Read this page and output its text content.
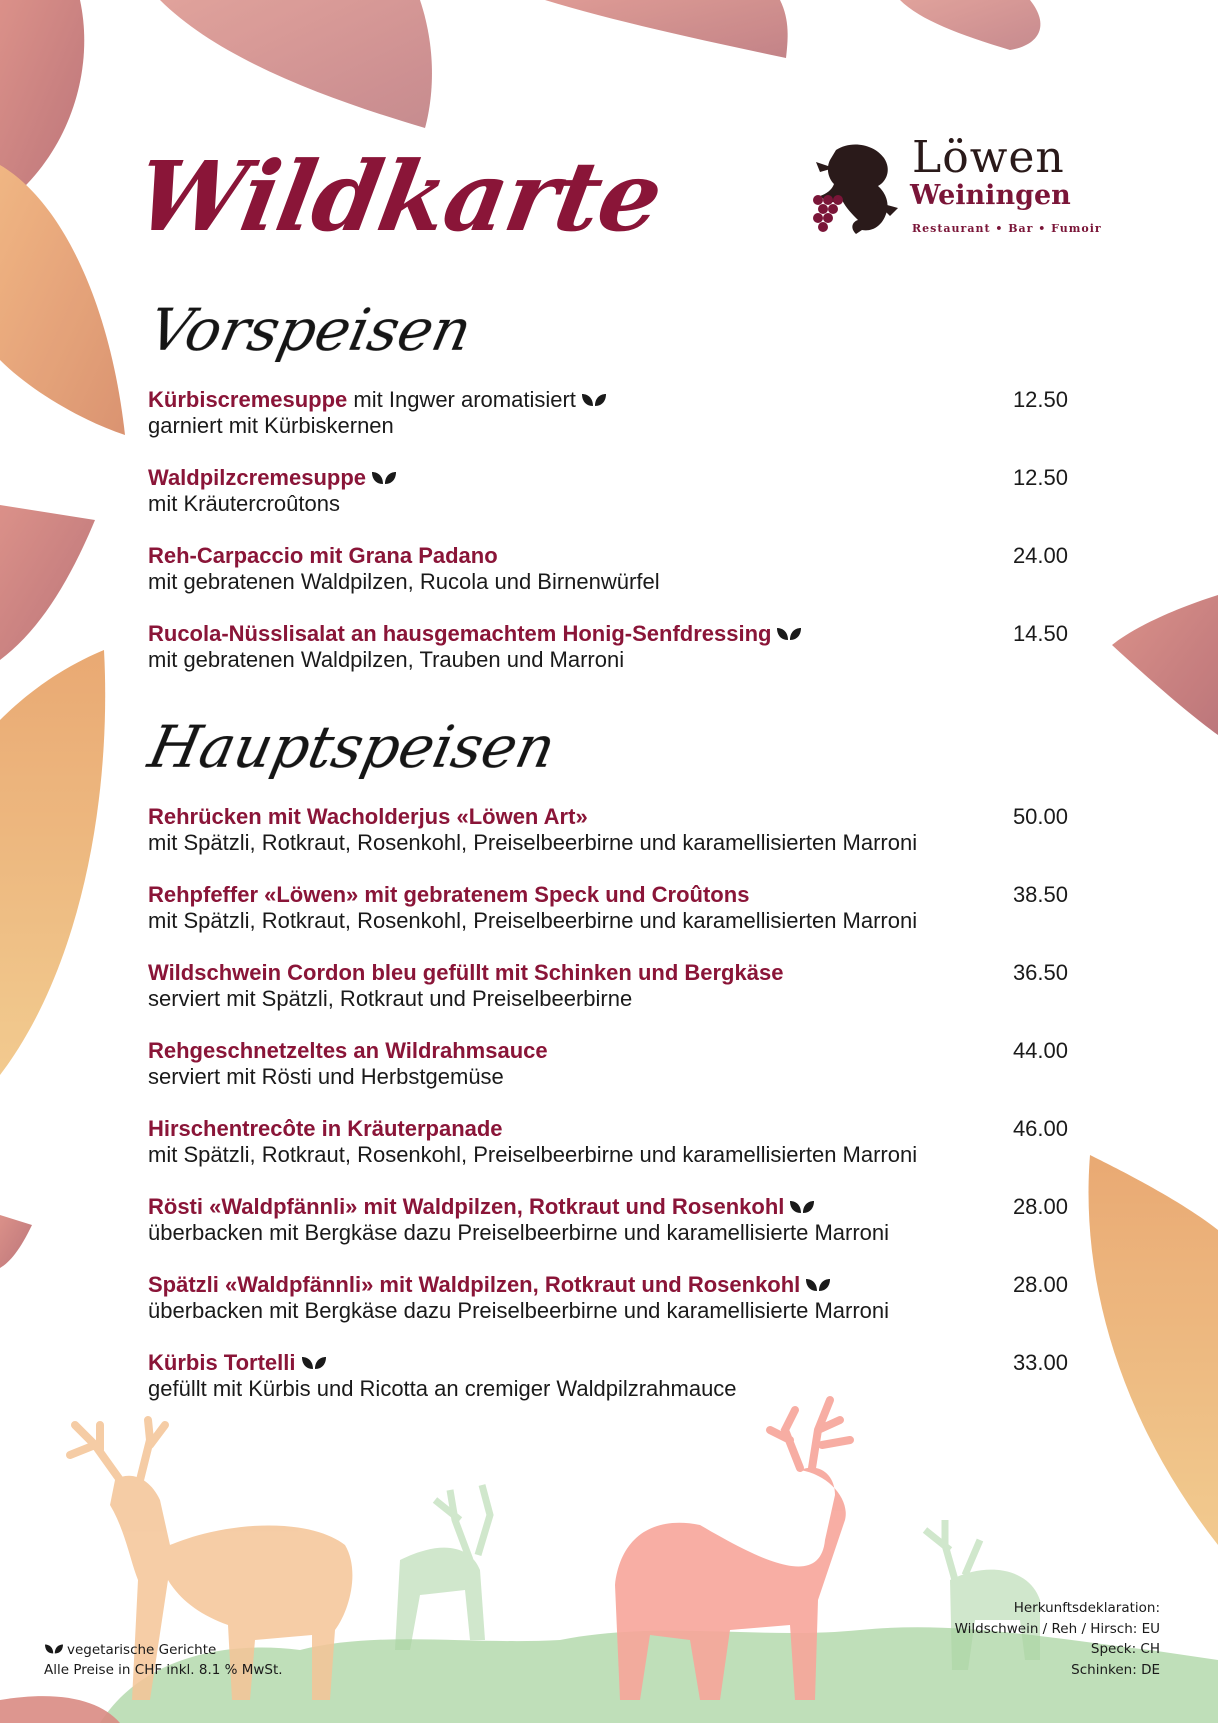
Wildkarte	Löwen
Weiningen
Restaurant • Bar • Fumoir
Vorspeisen
Kürbiscremesuppe mit Ingwer aromatisiert
garniert mit Kürbiskernen
12.50
Waldpilzcremesuppe
mit Kräutercroûtons
12.50
Reh-Carpaccio mit Grana Padano
mit gebratenen Waldpilzen, Rucola und Birnenwürfel
24.00
Rucola-Nüsslisalat an hausgemachtem Honig-Senfdressing
mit gebratenen Waldpilzen, Trauben und Marroni
14.50
Hauptspeisen
Rehrücken mit Wacholderjus «Löwen Art»
mit Spätzli, Rotkraut, Rosenkohl, Preiselbeerbirne und karamellisierten Marroni
50.00
Rehpfeffer «Löwen» mit gebratenem Speck und Croûtons
mit Spätzli, Rotkraut, Rosenkohl, Preiselbeerbirne und karamellisierten Marroni
38.50
Wildschwein Cordon bleu gefüllt mit Schinken und Bergkäse
serviert mit Spätzli, Rotkraut und Preiselbeerbirne
36.50
Rehgeschnetzeltes an Wildrahmsauce
serviert mit Rösti und Herbstgemüse
44.00
Hirschentrecôte in Kräuterpanade
mit Spätzli, Rotkraut, Rosenkohl, Preiselbeerbirne und karamellisierten Marroni
46.00
Rösti «Waldpfännli» mit Waldpilzen, Rotkraut und Rosenkohl
überbacken mit Bergkäse dazu Preiselbeerbirne und karamellisierte Marroni
28.00
Spätzli «Waldpfännli» mit Waldpilzen, Rotkraut und Rosenkohl
überbacken mit Bergkäse dazu Preiselbeerbirne und karamellisierte Marroni
28.00
Kürbis Tortelli
gefüllt mit Kürbis und Ricotta an cremiger Waldpilzrahmauce
33.00
vegetarische Gerichte
Alle Preise in CHF inkl. 8.1 % MwSt.
Herkunftsdeklaration:
Wildschwein / Reh / Hirsch: EU
Speck: CH
Schinken: DE
